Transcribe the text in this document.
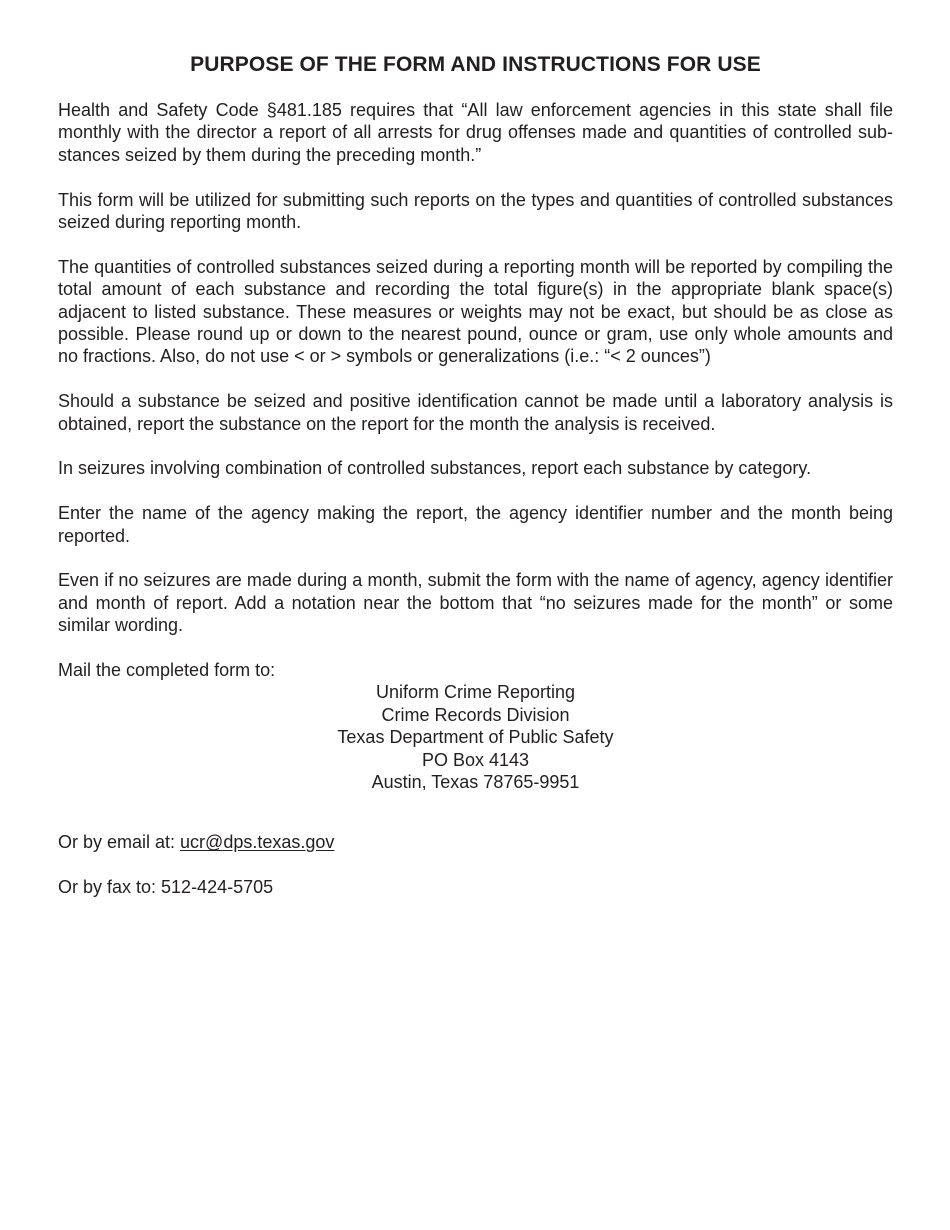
PURPOSE OF THE FORM AND INSTRUCTIONS FOR USE

Health and Safety Code §481.185 requires that “All law enforcement agencies in this state shall file monthly with the director a report of all arrests for drug offenses made and quantities of controlled substances seized by them during the preceding month.”

This form will be utilized for submitting such reports on the types and quantities of controlled substances seized during reporting month.

The quantities of controlled substances seized during a reporting month will be reported by compiling the total amount of each substance and recording the total figure(s) in the appropriate blank space(s) adjacent to listed substance. These measures or weights may not be exact, but should be as close as possible. Please round up or down to the nearest pound, ounce or gram, use only whole amounts and no fractions. Also, do not use < or > symbols or generalizations (i.e.: “< 2 ounces”)

Should a substance be seized and positive identification cannot be made until a laboratory analysis is obtained, report the substance on the report for the month the analysis is received.

In seizures involving combination of controlled substances, report each substance by category.

Enter the name of the agency making the report, the agency identifier number and the month being reported.

Even if no seizures are made during a month, submit the form with the name of agency, agency identifier and month of report. Add a notation near the bottom that “no seizures made for the month” or some similar wording.

Mail the completed form to:

Uniform Crime Reporting
Crime Records Division
Texas Department of Public Safety
PO Box 4143
Austin, Texas 78765-9951

Or by email at: ucr@dps.texas.gov

Or by fax to: 512-424-5705
